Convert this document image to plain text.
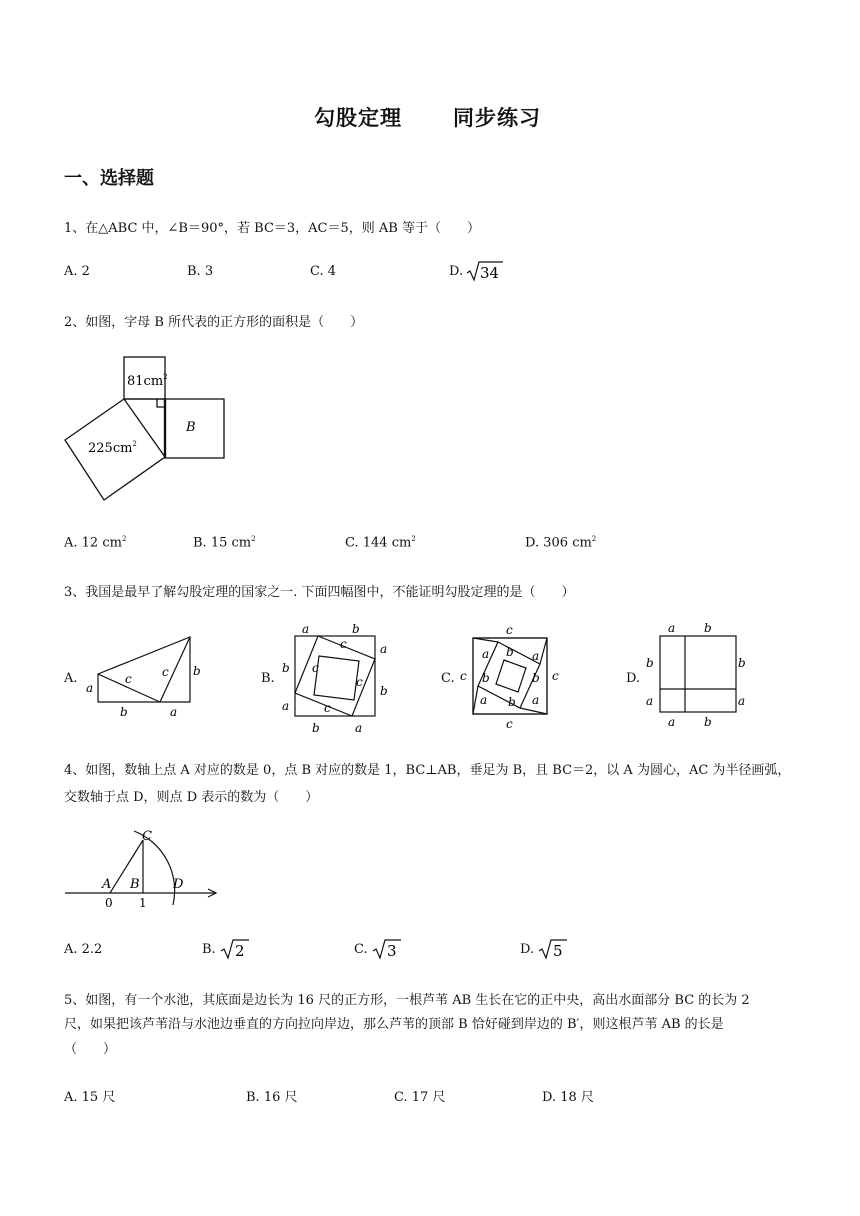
勾股定理 同步练习
一、选择题
1、在△ABC 中，∠B＝90°，若 BC＝3，AC＝5，则 AB 等于（　　）
A. 2	B. 3	C. 4	D. 34
2、如图，字母 B 所代表的正方形的面积是（　　）
$81cm^2$
$225cm^2$
B
A. 12 $cm^2$	B. 15 $cm^2$	C. 144 $cm^2$	D. 306 $cm^2$
3、我国是最早了解勾股定理的国家之一. 下面四幅图中，不能证明勾股定理的是（　　）
A.
a
c	c b
b	a
B.
a	b
a
b
b
a
b	a
c
c
c
c
C.
c
c
c	c
a b a
b
a
b
a
b	D.
a b
b	b
a	a
a b
4、如图，数轴上点 A 对应的数是 0，点 B 对应的数是 1，BC⊥AB，垂足为 B，且 BC＝2，以 A 为圆心，AC 为半径画弧，
交数轴于点 D，则点 D 表示的数为（　　）
A B
C
D
0 1
A. 2.2	B. 2	C. 3	D. 5
5、如图，有一个水池，其底面是边长为 16 尺的正方形，一根芦苇 AB 生长在它的正中央，高出水面部分 BC 的长为 2
尺，如果把该芦苇沿与水池边垂直的方向拉向岸边，那么芦苇的顶部 B 恰好碰到岸边的 B′，则这根芦苇 AB 的长是
（　　）
A. 15 尺	B. 16 尺	C. 17 尺	D. 18 尺
